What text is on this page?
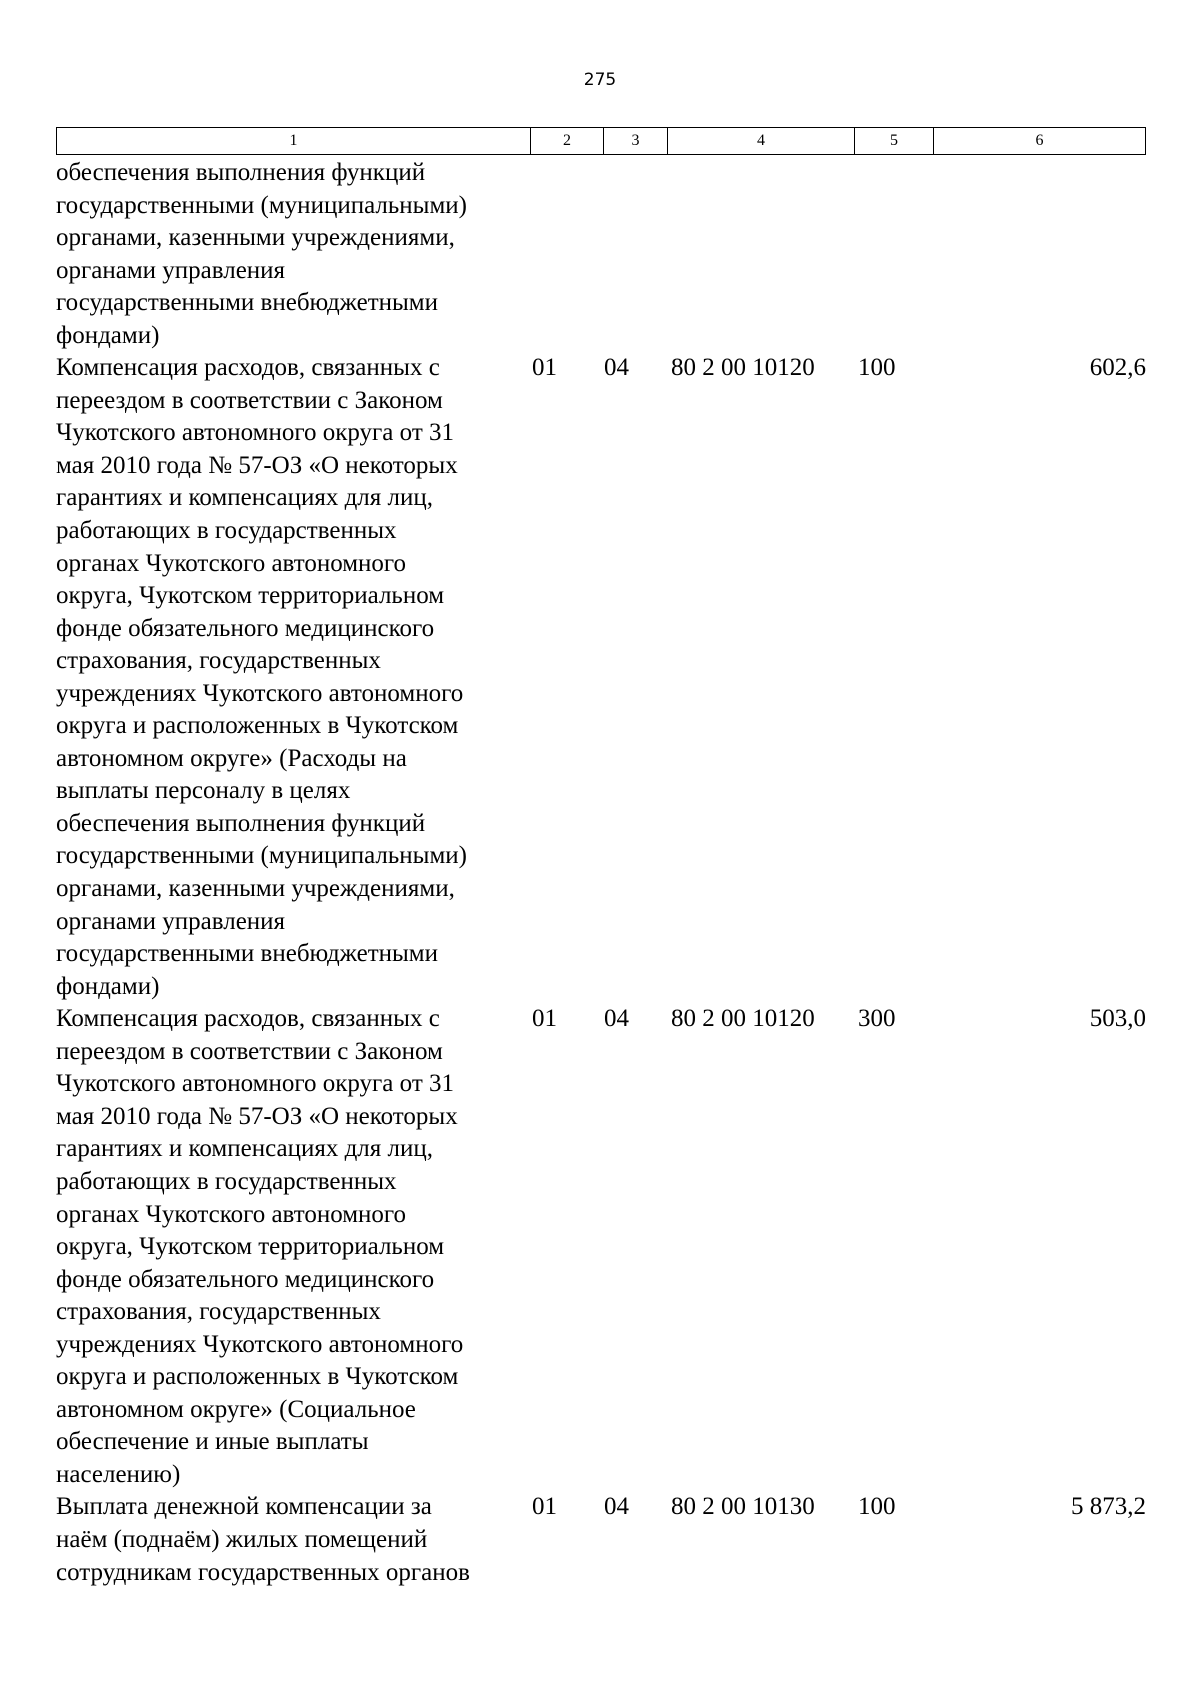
275
1	2	3	4	5	6
обеспечения выполнения функций
государственными (муниципальными)
органами, казенными учреждениями,
органами управления
государственными внебюджетными
фондами)
Компенсация расходов, связанных с
переездом в соответствии с Законом
Чукотского автономного округа от 31
мая 2010 года № 57-ОЗ «О некоторых
гарантиях и компенсациях для лиц,
работающих в государственных
органах Чукотского автономного
округа, Чукотском территориальном
фонде обязательного медицинского
страхования, государственных
учреждениях Чукотского автономного
округа и расположенных в Чукотском
автономном округе» (Расходы на
выплаты персоналу в целях
обеспечения выполнения функций
государственными (муниципальными)
органами, казенными учреждениями,
органами управления
государственными внебюджетными
фондами)
01	04	80 2 00 10120	100	602,6
Компенсация расходов, связанных с
переездом в соответствии с Законом
Чукотского автономного округа от 31
мая 2010 года № 57-ОЗ «О некоторых
гарантиях и компенсациях для лиц,
работающих в государственных
органах Чукотского автономного
округа, Чукотском территориальном
фонде обязательного медицинского
страхования, государственных
учреждениях Чукотского автономного
округа и расположенных в Чукотском
автономном округе» (Социальное
обеспечение и иные выплаты
населению)
01	04	80 2 00 10120	300	503,0
Выплата денежной компенсации за
наём (поднаём) жилых помещений
сотрудникам государственных органов
01	04	80 2 00 10130	100	5 873,2
